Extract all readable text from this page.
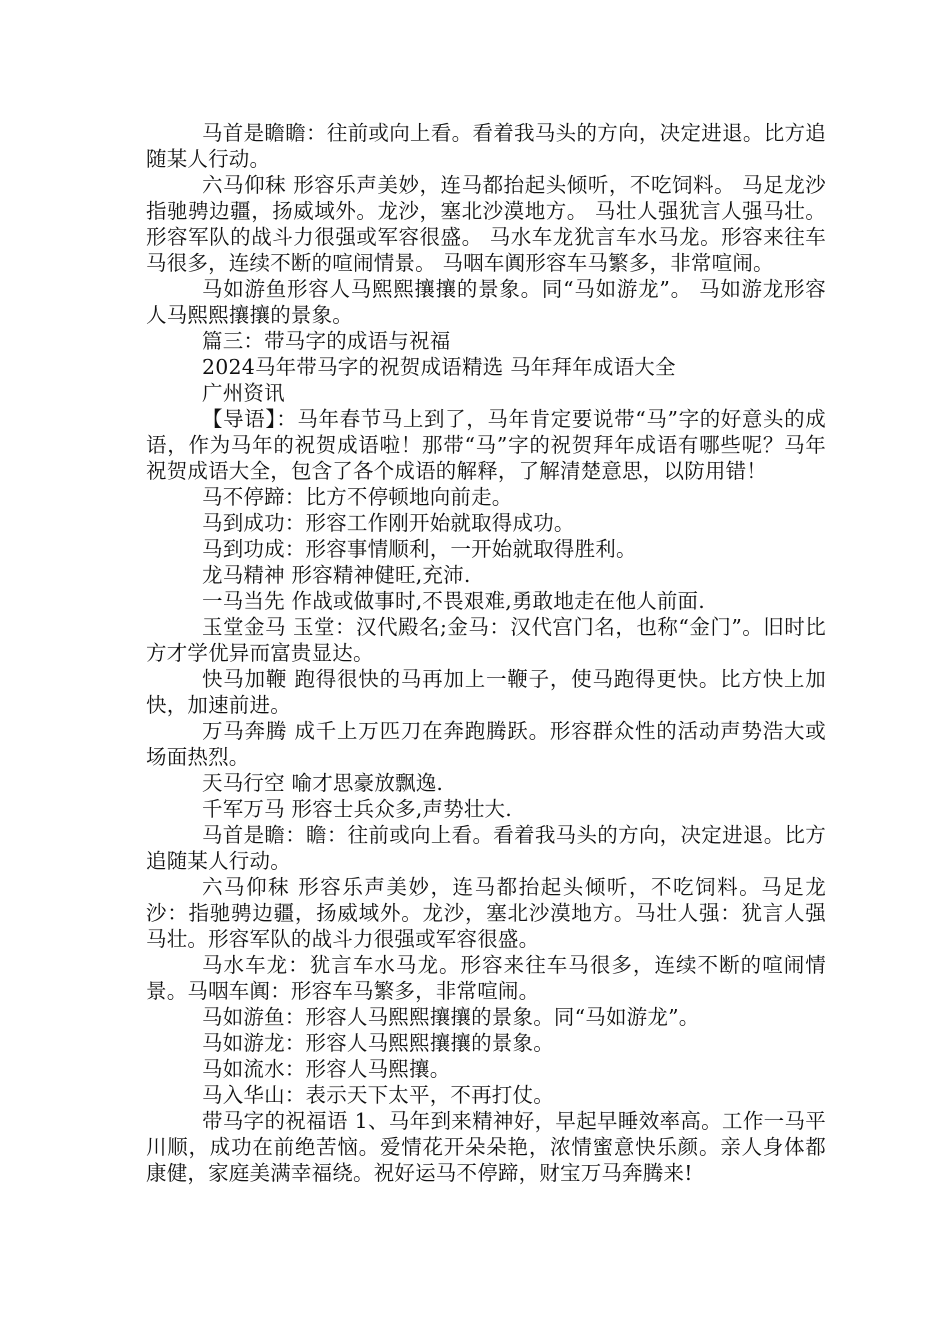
马首是瞻瞻：往前或向上看。看着我马头的方向，决定进退。比方追随某人行动。

六马仰秣 形容乐声美妙，连马都抬起头倾听，不吃饲料。 马足龙沙 指驰骋边疆，扬威域外。龙沙，塞北沙漠地方。 马壮人强犹言人强马壮。形容军队的战斗力很强或军容很盛。 马水车龙犹言车水马龙。形容来往车马很多，连续不断的喧闹情景。 马咽车阗形容车马繁多，非常喧闹。

马如游鱼形容人马熙熙攘攘的景象。同“马如游龙”。 马如游龙形容人马熙熙攘攘的景象。

篇三：带马字的成语与祝福

2024马年带马字的祝贺成语精选 马年拜年成语大全

广州资讯

【导语】：马年春节马上到了，马年肯定要说带“马”字的好意头的成语，作为马年的祝贺成语啦！那带“马”字的祝贺拜年成语有哪些呢？马年祝贺成语大全，包含了各个成语的解释，了解清楚意思，以防用错！

马不停蹄：比方不停顿地向前走。

马到成功：形容工作刚开始就取得成功。

马到功成：形容事情顺利，一开始就取得胜利。

龙马精神 形容精神健旺,充沛.

一马当先 作战或做事时,不畏艰难,勇敢地走在他人前面.

玉堂金马 玉堂：汉代殿名;金马：汉代宫门名，也称“金门”。旧时比方才学优异而富贵显达。

快马加鞭 跑得很快的马再加上一鞭子，使马跑得更快。比方快上加快，加速前进。

万马奔腾 成千上万匹刀在奔跑腾跃。形容群众性的活动声势浩大或场面热烈。

天马行空 喻才思豪放飘逸.

千军万马 形容士兵众多,声势壮大.

马首是瞻：瞻：往前或向上看。看着我马头的方向，决定进退。比方追随某人行动。

六马仰秣 形容乐声美妙，连马都抬起头倾听，不吃饲料。马足龙沙：指驰骋边疆，扬威域外。龙沙，塞北沙漠地方。马壮人强：犹言人强马壮。形容军队的战斗力很强或军容很盛。

马水车龙：犹言车水马龙。形容来往车马很多，连续不断的喧闹情景。马咽车阗：形容车马繁多，非常喧闹。

马如游鱼：形容人马熙熙攘攘的景象。同“马如游龙”。

马如游龙：形容人马熙熙攘攘的景象。

马如流水：形容人马熙攘。

马入华山：表示天下太平，不再打仗。

带马字的祝福语 1、马年到来精神好，早起早睡效率高。工作一马平川顺，成功在前绝苦恼。爱情花开朵朵艳，浓情蜜意快乐颜。亲人身体都康健，家庭美满幸福绕。祝好运马不停蹄，财宝万马奔腾来!
